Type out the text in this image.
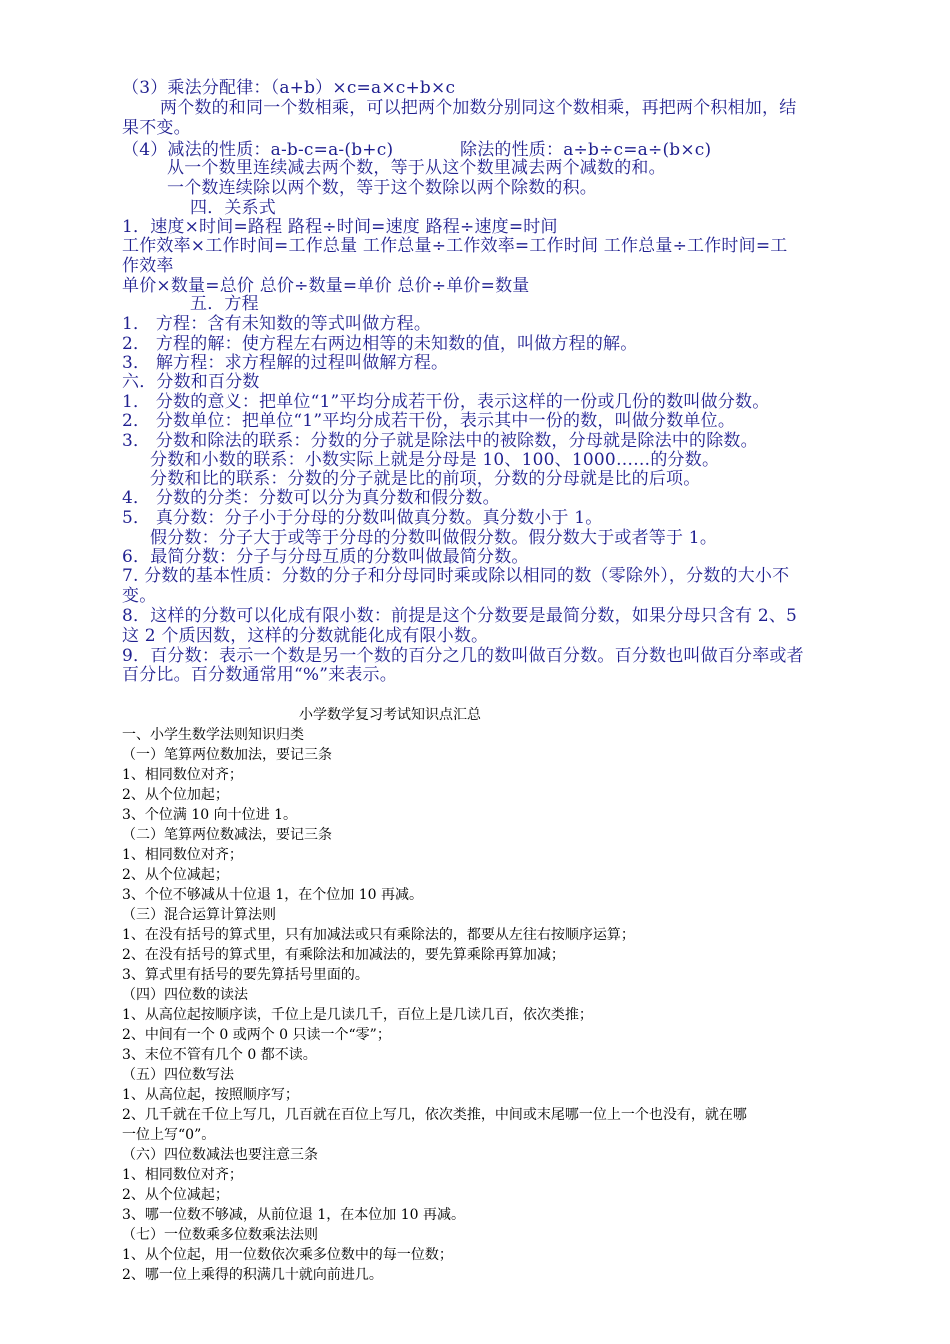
（3）乘法分配律：（a+b）×c=a×c+b×c

两个数的和同一个数相乘，可以把两个加数分别同这个数相乘，再把两个积相加，结

果不变。

（4）减法的性质：a-b-c=a-(b+c)	除法的性质：a÷b÷c=a÷(b×c)

从一个数里连续减去两个数，等于从这个数里减去两个减数的和。

一个数连续除以两个数，等于这个数除以两个除数的积。

四．关系式

1．速度×时间=路程 路程÷时间=速度 路程÷速度=时间

工作效率×工作时间=工作总量 工作总量÷工作效率=工作时间 工作总量÷工作时间=工

作效率

单价×数量=总价 总价÷数量=单价 总价÷单价=数量

五．方程

1． 方程：含有未知数的等式叫做方程。

2． 方程的解：使方程左右两边相等的未知数的值，叫做方程的解。

3． 解方程：求方程解的过程叫做解方程。

六．分数和百分数

1． 分数的意义：把单位“1”平均分成若干份，表示这样的一份或几份的数叫做分数。

2． 分数单位：把单位“1”平均分成若干份，表示其中一份的数，叫做分数单位。

3． 分数和除法的联系：分数的分子就是除法中的被除数，分母就是除法中的除数。

分数和小数的联系：小数实际上就是分母是 10、100、1000……的分数。

分数和比的联系：分数的分子就是比的前项，分数的分母就是比的后项。

4． 分数的分类：分数可以分为真分数和假分数。

5． 真分数：分子小于分母的分数叫做真分数。真分数小于 1。

假分数：分子大于或等于分母的分数叫做假分数。假分数大于或者等于 1。

6．最简分数：分子与分母互质的分数叫做最简分数。

7. 分数的基本性质：分数的分子和分母同时乘或除以相同的数（零除外），分数的大小不

变。

8．这样的分数可以化成有限小数：前提是这个分数要是最简分数，如果分母只含有 2、5

这 2 个质因数，这样的分数就能化成有限小数。

9．百分数：表示一个数是另一个数的百分之几的数叫做百分数。百分数也叫做百分率或者

百分比。百分数通常用“%”来表示。

小学数学复习考试知识点汇总

一、小学生数学法则知识归类

（一）笔算两位数加法，要记三条

1、相同数位对齐；

2、从个位加起；

3、个位满 10 向十位进 1。

（二）笔算两位数减法，要记三条

1、相同数位对齐；

2、从个位减起；

3、个位不够减从十位退 1，在个位加 10 再减。

（三）混合运算计算法则

1、在没有括号的算式里，只有加减法或只有乘除法的，都要从左往右按顺序运算；

2、在没有括号的算式里，有乘除法和加减法的，要先算乘除再算加减；

3、算式里有括号的要先算括号里面的。

（四）四位数的读法

1、从高位起按顺序读，千位上是几读几千，百位上是几读几百，依次类推；

2、中间有一个 0 或两个 0 只读一个“零”；

3、末位不管有几个 0 都不读。

（五）四位数写法

1、从高位起，按照顺序写；

2、几千就在千位上写几，几百就在百位上写几，依次类推，中间或末尾哪一位上一个也没有，就在哪

一位上写“0”。

（六）四位数减法也要注意三条

1、相同数位对齐；

2、从个位减起；

3、哪一位数不够减，从前位退 1，在本位加 10 再减。

（七）一位数乘多位数乘法法则

1、从个位起，用一位数依次乘多位数中的每一位数；

2、哪一位上乘得的积满几十就向前进几。
